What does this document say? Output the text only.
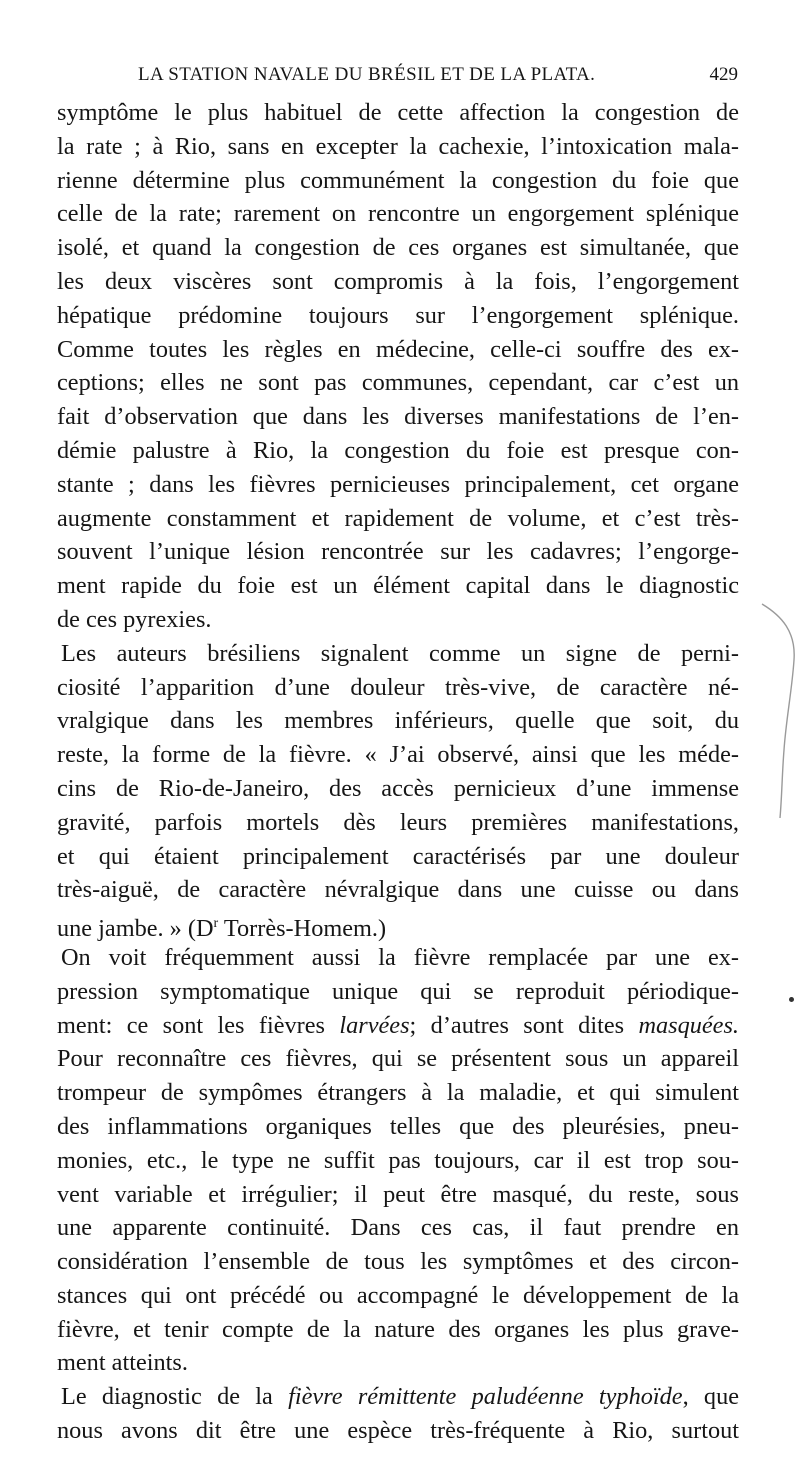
LA STATION NAVALE DU BRÉSIL ET DE LA PLATA.	429
symptôme le plus habituel de cette affection la congestion de
la rate ; à Rio, sans en excepter la cachexie, l’intoxication mala-
rienne détermine plus communément la congestion du foie que
celle de la rate; rarement on rencontre un engorgement splénique
isolé, et quand la congestion de ces organes est simultanée, que
les deux viscères sont compromis à la fois, l’engorgement
hépatique prédomine toujours sur l’engorgement splénique.
Comme toutes les règles en médecine, celle-ci souffre des ex-
ceptions; elles ne sont pas communes, cependant, car c’est un
fait d’observation que dans les diverses manifestations de l’en-
démie palustre à Rio, la congestion du foie est presque con-
stante ; dans les fièvres pernicieuses principalement, cet organe
augmente constamment et rapidement de volume, et c’est très-
souvent l’unique lésion rencontrée sur les cadavres; l’engorge-
ment rapide du foie est un élément capital dans le diagnostic
de ces pyrexies.
Les auteurs brésiliens signalent comme un signe de perni-
ciosité l’apparition d’une douleur très-vive, de caractère né-
vralgique dans les membres inférieurs, quelle que soit, du
reste, la forme de la fièvre. « J’ai observé, ainsi que les méde-
cins de Rio-de-Janeiro, des accès pernicieux d’une immense
gravité, parfois mortels dès leurs premières manifestations,
et qui étaient principalement caractérisés par une douleur
très-aiguë, de caractère névralgique dans une cuisse ou dans
une jambe. » ($D^r$ Torrès-Homem.)
On voit fréquemment aussi la fièvre remplacée par une ex-
pression symptomatique unique qui se reproduit périodique-
ment: ce sont les fièvres larvées; d’autres sont dites masquées.
Pour reconnaître ces fièvres, qui se présentent sous un appareil
trompeur de sympômes étrangers à la maladie, et qui simulent
des inflammations organiques telles que des pleurésies, pneu-
monies, etc., le type ne suffit pas toujours, car il est trop sou-
vent variable et irrégulier; il peut être masqué, du reste, sous
une apparente continuité. Dans ces cas, il faut prendre en
considération l’ensemble de tous les symptômes et des circon-
stances qui ont précédé ou accompagné le développement de la
fièvre, et tenir compte de la nature des organes les plus grave-
ment atteints.
Le diagnostic de la fièvre rémittente paludéenne typhoïde, que
nous avons dit être une espèce très-fréquente à Rio, surtout
